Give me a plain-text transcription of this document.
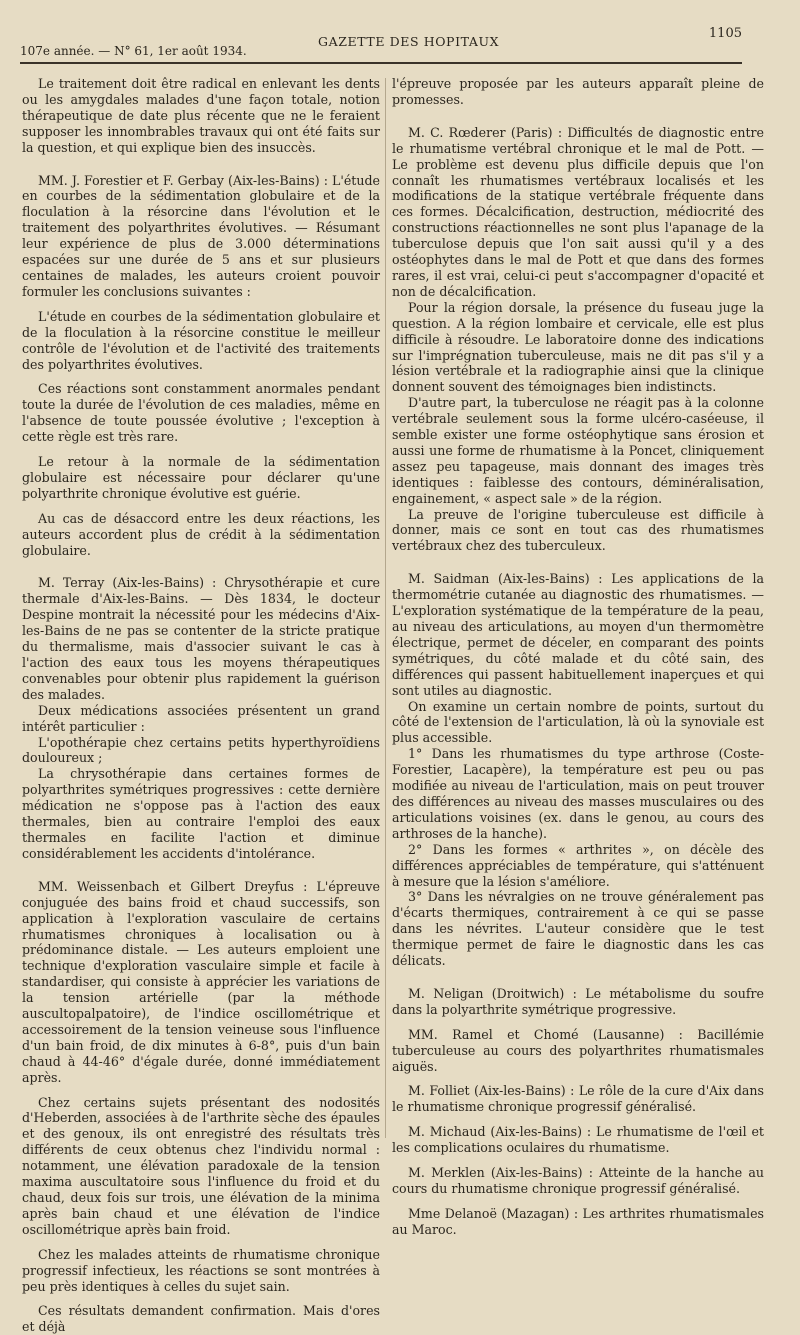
107e année. — N° 61, 1er août 1934.
GAZETTE DES HOPITAUX
1105

Le traitement doit être radical en enlevant les dents ou les amygdales malades d'une façon totale, notion thérapeutique de date plus récente que ne le feraient supposer les innombrables travaux qui ont été faits sur la question, et qui explique bien des insuccès.

MM. J. Forestier et F. Gerbay (Aix-les-Bains) : L'étude en courbes de la sédimentation globulaire et de la floculation à la résorcine dans l'évolution et le traitement des polyarthrites évolutives. — Résumant leur expérience de plus de 3.000 déterminations espacées sur une durée de 5 ans et sur plusieurs centaines de malades, les auteurs croient pouvoir formuler les conclusions suivantes :

L'étude en courbes de la sédimentation globulaire et de la floculation à la résorcine constitue le meilleur contrôle de l'évolution et de l'activité des traitements des polyarthrites évolutives.

Ces réactions sont constamment anormales pendant toute la durée de l'évolution de ces maladies, même en l'absence de toute poussée évolutive ; l'exception à cette règle est très rare.

Le retour à la normale de la sédimentation globulaire est nécessaire pour déclarer qu'une polyarthrite chronique évolutive est guérie.

Au cas de désaccord entre les deux réactions, les auteurs accordent plus de crédit à la sédimentation globulaire.

M. Terray (Aix-les-Bains) : Chrysothérapie et cure thermale d'Aix-les-Bains. — Dès 1834, le docteur Despine montrait la nécessité pour les médecins d'Aix-les-Bains de ne pas se contenter de la stricte pratique du thermalisme, mais d'associer suivant le cas à l'action des eaux tous les moyens thérapeutiques convenables pour obtenir plus rapidement la guérison des malades.

Deux médications associées présentent un grand intérêt particulier :

L'opothérapie chez certains petits hyperthyroïdiens douloureux ;

La chrysothérapie dans certaines formes de polyarthrites symétriques progressives : cette dernière médication ne s'oppose pas à l'action des eaux thermales, bien au contraire l'emploi des eaux thermales en facilite l'action et diminue considérablement les accidents d'intolérance.

MM. Weissenbach et Gilbert Dreyfus : L'épreuve conjuguée des bains froid et chaud successifs, son application à l'exploration vasculaire de certains rhumatismes chroniques à localisation ou à prédominance distale. — Les auteurs emploient une technique d'exploration vasculaire simple et facile à standardiser, qui consiste à apprécier les variations de la tension artérielle (par la méthode auscultopalpatoire), de l'indice oscillométrique et accessoirement de la tension veineuse sous l'influence d'un bain froid, de dix minutes à 6-8°, puis d'un bain chaud à 44-46° d'égale durée, donné immédiatement après.

Chez certains sujets présentant des nodosités d'Heberden, associées à de l'arthrite sèche des épaules et des genoux, ils ont enregistré des résultats très différents de ceux obtenus chez l'individu normal : notamment, une élévation paradoxale de la tension maxima auscultatoire sous l'influence du froid et du chaud, deux fois sur trois, une élévation de la minima après bain chaud et une élévation de l'indice oscillométrique après bain froid.

Chez les malades atteints de rhumatisme chronique progressif infectieux, les réactions se sont montrées à peu près identiques à celles du sujet sain.

Ces résultats demandent confirmation. Mais d'ores et déjà

l'épreuve proposée par les auteurs apparaît pleine de promesses.

M. C. Rœderer (Paris) : Difficultés de diagnostic entre le rhumatisme vertébral chronique et le mal de Pott. — Le problème est devenu plus difficile depuis que l'on connaît les rhumatismes vertébraux localisés et les modifications de la statique vertébrale fréquente dans ces formes. Décalcification, destruction, médiocrité des constructions réactionnelles ne sont plus l'apanage de la tuberculose depuis que l'on sait aussi qu'il y a des ostéophytes dans le mal de Pott et que dans des formes rares, il est vrai, celui-ci peut s'accompagner d'opacité et non de décalcification.

Pour la région dorsale, la présence du fuseau juge la question. A la région lombaire et cervicale, elle est plus difficile à résoudre. Le laboratoire donne des indications sur l'imprégnation tuberculeuse, mais ne dit pas s'il y a lésion vertébrale et la radiographie ainsi que la clinique donnent souvent des témoignages bien indistincts.

D'autre part, la tuberculose ne réagit pas à la colonne vertébrale seulement sous la forme ulcéro-caséeuse, il semble exister une forme ostéophytique sans érosion et aussi une forme de rhumatisme à la Poncet, cliniquement assez peu tapageuse, mais donnant des images très identiques : faiblesse des contours, déminéralisation, engainement, « aspect sale » de la région.

La preuve de l'origine tuberculeuse est difficile à donner, mais ce sont en tout cas des rhumatismes vertébraux chez des tuberculeux.

M. Saidman (Aix-les-Bains) : Les applications de la thermométrie cutanée au diagnostic des rhumatismes. — L'exploration systématique de la température de la peau, au niveau des articulations, au moyen d'un thermomètre électrique, permet de déceler, en comparant des points symétriques, du côté malade et du côté sain, des différences qui passent habituellement inaperçues et qui sont utiles au diagnostic.

On examine un certain nombre de points, surtout du côté de l'extension de l'articulation, là où la synoviale est plus accessible.

1° Dans les rhumatismes du type arthrose (Coste-Forestier, Lacapère), la température est peu ou pas modifiée au niveau de l'articulation, mais on peut trouver des différences au niveau des masses musculaires ou des articulations voisines (ex. dans le genou, au cours des arthroses de la hanche).

2° Dans les formes « arthrites », on décèle des différences appréciables de température, qui s'atténuent à mesure que la lésion s'améliore.

3° Dans les névralgies on ne trouve généralement pas d'écarts thermiques, contrairement à ce qui se passe dans les névrites. L'auteur considère que le test thermique permet de faire le diagnostic dans les cas délicats.

M. Neligan (Droitwich) : Le métabolisme du soufre dans la polyarthrite symétrique progressive.

MM. Ramel et Chomé (Lausanne) : Bacillémie tuberculeuse au cours des polyarthrites rhumatismales aiguës.

M. Folliet (Aix-les-Bains) : Le rôle de la cure d'Aix dans le rhumatisme chronique progressif généralisé.

M. Michaud (Aix-les-Bains) : Le rhumatisme de l'œil et les complications oculaires du rhumatisme.

M. Merklen (Aix-les-Bains) : Atteinte de la hanche au cours du rhumatisme chronique progressif généralisé.

Mme Delanoë (Mazagan) : Les arthrites rhumatismales au Maroc.
